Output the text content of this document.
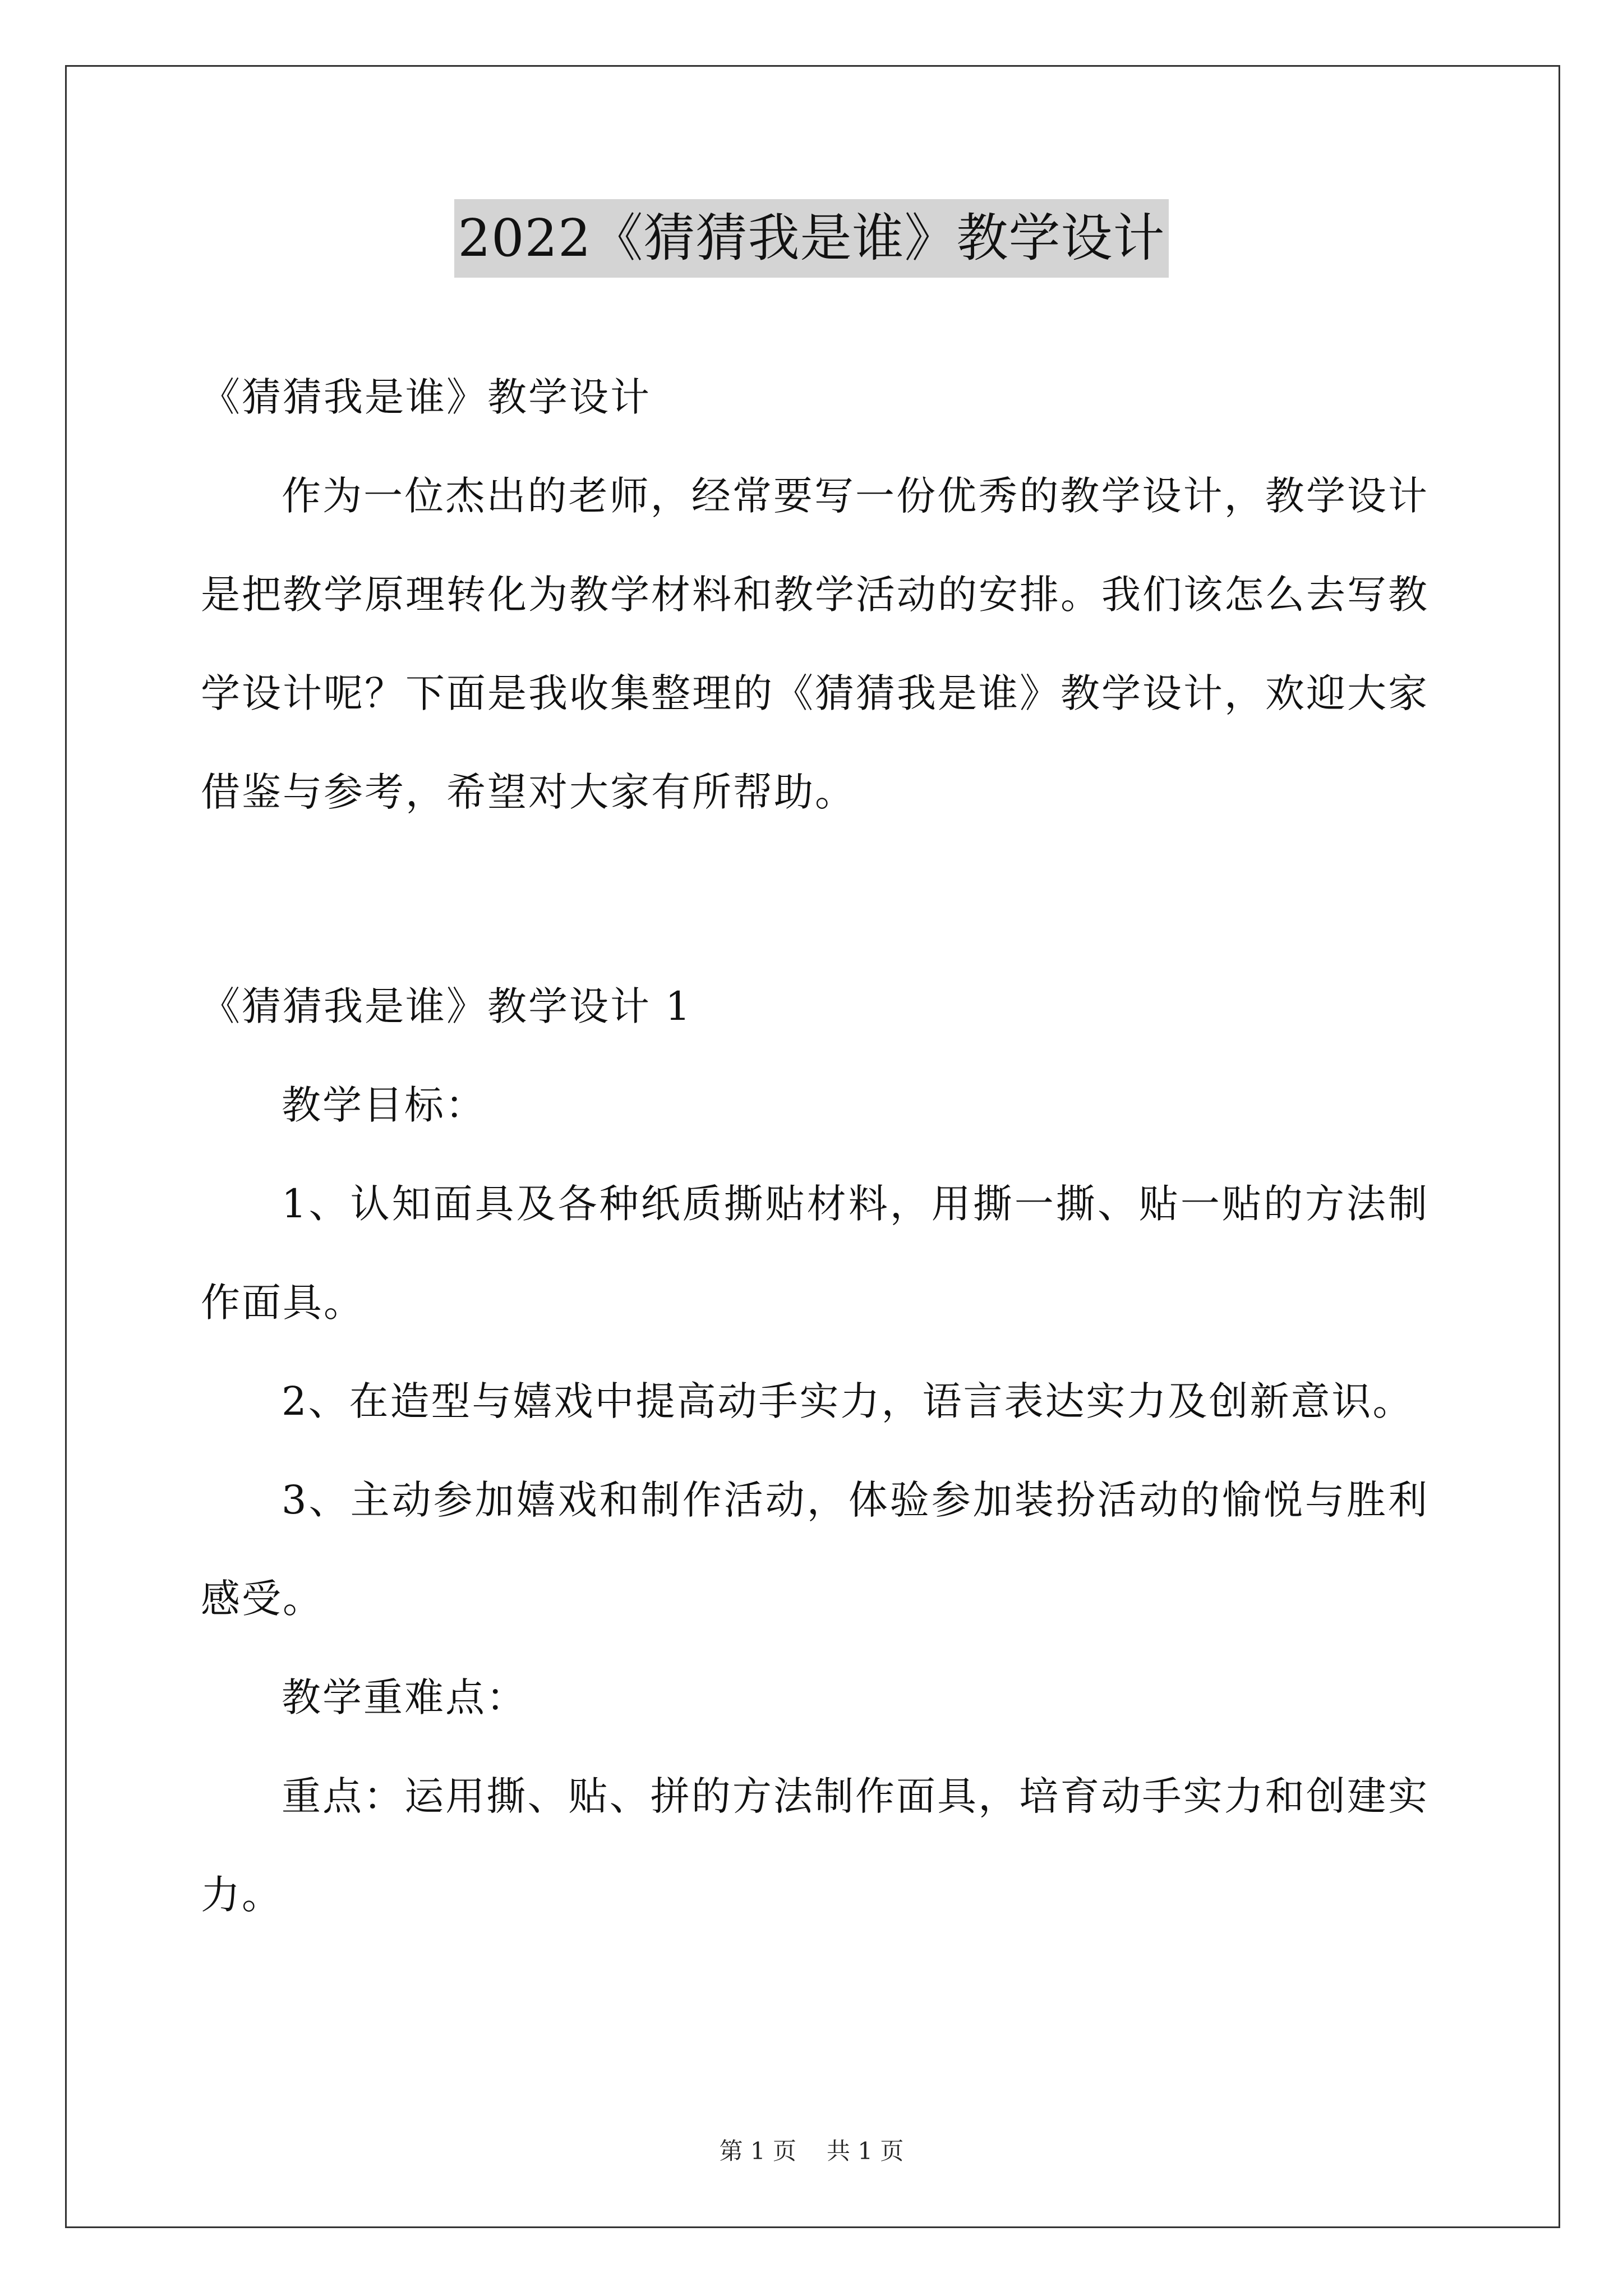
2022《猜猜我是谁》教学设计

《猜猜我是谁》教学设计

作为一位杰出的老师，经常要写一份优秀的教学设计，教学设计是把教学原理转化为教学材料和教学活动的安排。我们该怎么去写教学设计呢？下面是我收集整理的《猜猜我是谁》教学设计，欢迎大家借鉴与参考，希望对大家有所帮助。

《猜猜我是谁》教学设计 1

教学目标：

1、认知面具及各种纸质撕贴材料，用撕一撕、贴一贴的方法制作面具。

2、在造型与嬉戏中提高动手实力，语言表达实力及创新意识。

3、主动参加嬉戏和制作活动，体验参加装扮活动的愉悦与胜利感受。

教学重难点：

重点：运用撕、贴、拼的方法制作面具，培育动手实力和创建实力。

第 1 页 共 1 页
